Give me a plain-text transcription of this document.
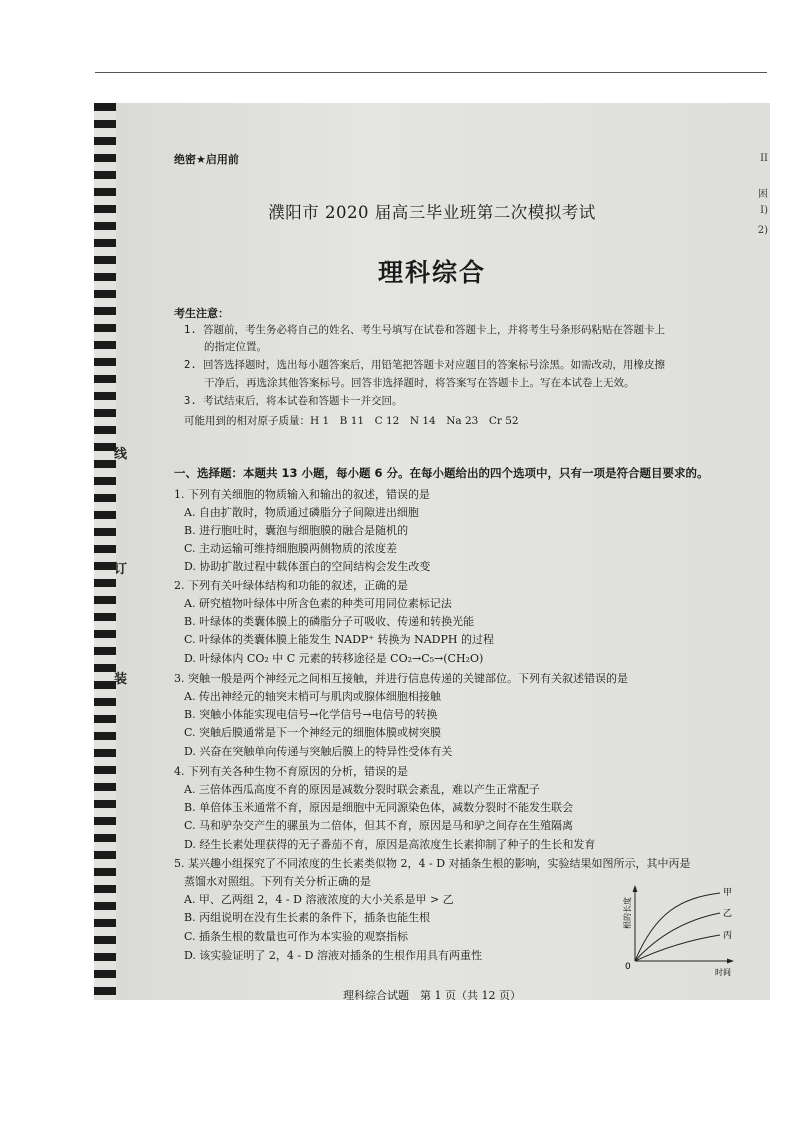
线
订
装
绝密★启用前
濮阳市 2020 届高三毕业班第二次模拟考试
理科综合
考生注意：
1. 答题前，考生务必将自己的姓名、考生号填写在试卷和答题卡上，并将考生号条形码粘贴在答题卡上
的指定位置。
2. 回答选择题时，选出每小题答案后，用铅笔把答题卡对应题目的答案标号涂黑。如需改动，用橡皮擦
干净后，再选涂其他答案标号。回答非选择题时，将答案写在答题卡上。写在本试卷上无效。
3. 考试结束后，将本试卷和答题卡一并交回。
可能用到的相对原子质量：H 1　B 11　C 12　N 14　Na 23　Cr 52
一、选择题：本题共 13 小题，每小题 6 分。在每小题给出的四个选项中，只有一项是符合题目要求的。
1. 下列有关细胞的物质输入和输出的叙述，错误的是
A. 自由扩散时，物质通过磷脂分子间隙进出细胞
B. 进行胞吐时，囊泡与细胞膜的融合是随机的
C. 主动运输可维持细胞膜两侧物质的浓度差
D. 协助扩散过程中载体蛋白的空间结构会发生改变
2. 下列有关叶绿体结构和功能的叙述，正确的是
A. 研究植物叶绿体中所含色素的种类可用同位素标记法
B. 叶绿体的类囊体膜上的磷脂分子可吸收、传递和转换光能
C. 叶绿体的类囊体膜上能发生 NADP⁺ 转换为 NADPH 的过程
D. 叶绿体内 CO₂ 中 C 元素的转移途径是 CO₂→C₅→(CH₂O)
3. 突触一般是两个神经元之间相互接触，并进行信息传递的关键部位。下列有关叙述错误的是
A. 传出神经元的轴突末梢可与肌肉或腺体细胞相接触
B. 突触小体能实现电信号→化学信号→电信号的转换
C. 突触后膜通常是下一个神经元的细胞体膜或树突膜
D. 兴奋在突触单向传递与突触后膜上的特异性受体有关
4. 下列有关各种生物不育原因的分析，错误的是
A. 三倍体西瓜高度不育的原因是减数分裂时联会紊乱，难以产生正常配子
B. 单倍体玉米通常不育，原因是细胞中无同源染色体，减数分裂时不能发生联会
C. 马和驴杂交产生的骡虽为二倍体，但其不育，原因是马和驴之间存在生殖隔离
D. 经生长素处理获得的无子番茄不育，原因是高浓度生长素抑制了种子的生长和发育
5. 某兴趣小组探究了不同浓度的生长素类似物 2，4 - D 对插条生根的影响，实验结果如图所示，其中丙是
蒸馏水对照组。下列有关分析正确的是
A. 甲、乙两组 2，4 - D 溶液浓度的大小关系是甲 > 乙
B. 丙组说明在没有生长素的条件下，插条也能生根
C. 插条生根的数量也可作为本实验的观察指标
D. 该实验证明了 2，4 - D 溶液对插条的生根作用具有两重性
甲
乙
丙
0
时间
根的长度
II
困
I)
2)
理科综合试题　第 1 页（共 12 页）
